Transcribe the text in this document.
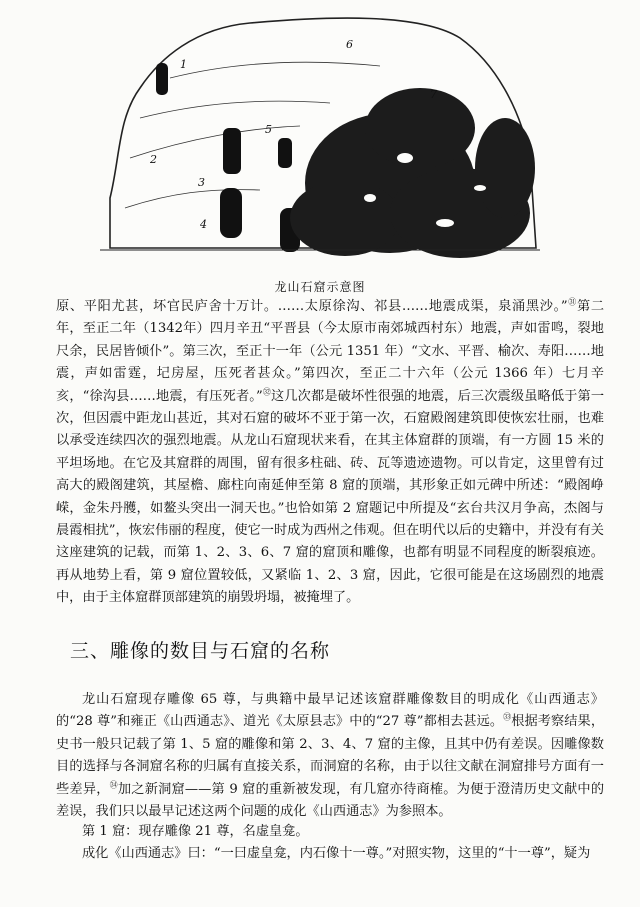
1
2
3
4
5
6
7
龙山石窟示意图

原、平阳尤甚，坏官民庐舍十万计。……太原徐沟、祁县……地震成渠，泉涌黑沙。”$^㉛$第二年，至正二年（1342年）四月辛丑“平晋县（今太原市南郊城西村东）地震，声如雷鸣，裂地尺余，民居皆倾仆”。第三次，至正十一年（公元 1351 年）“文水、平晋、榆次、寿阳……地震，声如雷霆，圮房屋，压死者甚众。”第四次，至正二十六年（公元 1366 年）七月辛亥，“徐沟县……地震，有压死者。”$^㉜$这几次都是破坏性很强的地震，后三次震级虽略低于第一次，但因震中距龙山甚近，其对石窟的破坏不亚于第一次，石窟殿阁建筑即使恢宏壮丽，也难以承受连续四次的强烈地震。从龙山石窟现状来看，在其主体窟群的顶端，有一方圆 15 米的平坦场地。在它及其窟群的周围，留有很多柱础、砖、瓦等遗迹遗物。可以肯定，这里曾有过高大的殿阁建筑，其屋檐、廊柱向南延伸至第 8 窟的顶端，其形象正如元碑中所述：“殿阁峥嵘，金朱丹雘，如鳌头突出一洞天也。”也恰如第 2 窟题记中所提及“玄台共汉月争高，杰阁与晨霞相扰”，恢宏伟丽的程度，使它一时成为西州之伟观。但在明代以后的史籍中，并没有有关这座建筑的记载，而第 1、2、3、6、7 窟的窟顶和雕像，也都有明显不同程度的断裂痕迹。再从地势上看，第 9 窟位置较低，又紧临 1、2、3 窟，因此，它很可能是在这场剧烈的地震中，由于主体窟群顶部建筑的崩毁坍塌，被掩埋了。

三、雕像的数目与石窟的名称

龙山石窟现存雕像 65 尊，与典籍中最早记述该窟群雕像数目的明成化《山西通志》的“28 尊”和雍正《山西通志》、道光《太原县志》中的“27 尊”都相去甚远。$^㉝$根据考察结果，史书一般只记载了第 1、5 窟的雕像和第 2、3、4、7 窟的主像，且其中仍有差误。因雕像数目的选择与各洞窟名称的归属有直接关系，而洞窟的名称，由于以往文献在洞窟排号方面有一些差异，$^㉞$加之新洞窟——第 9 窟的重新被发现，有几窟亦待商榷。为便于澄清历史文献中的差误，我们只以最早记述这两个问题的成化《山西通志》为参照本。

第 1 窟：现存雕像 21 尊，名虚皇龛。

成化《山西通志》曰：“一曰虚皇龛，内石像十一尊。”对照实物，这里的“十一尊”，疑为
